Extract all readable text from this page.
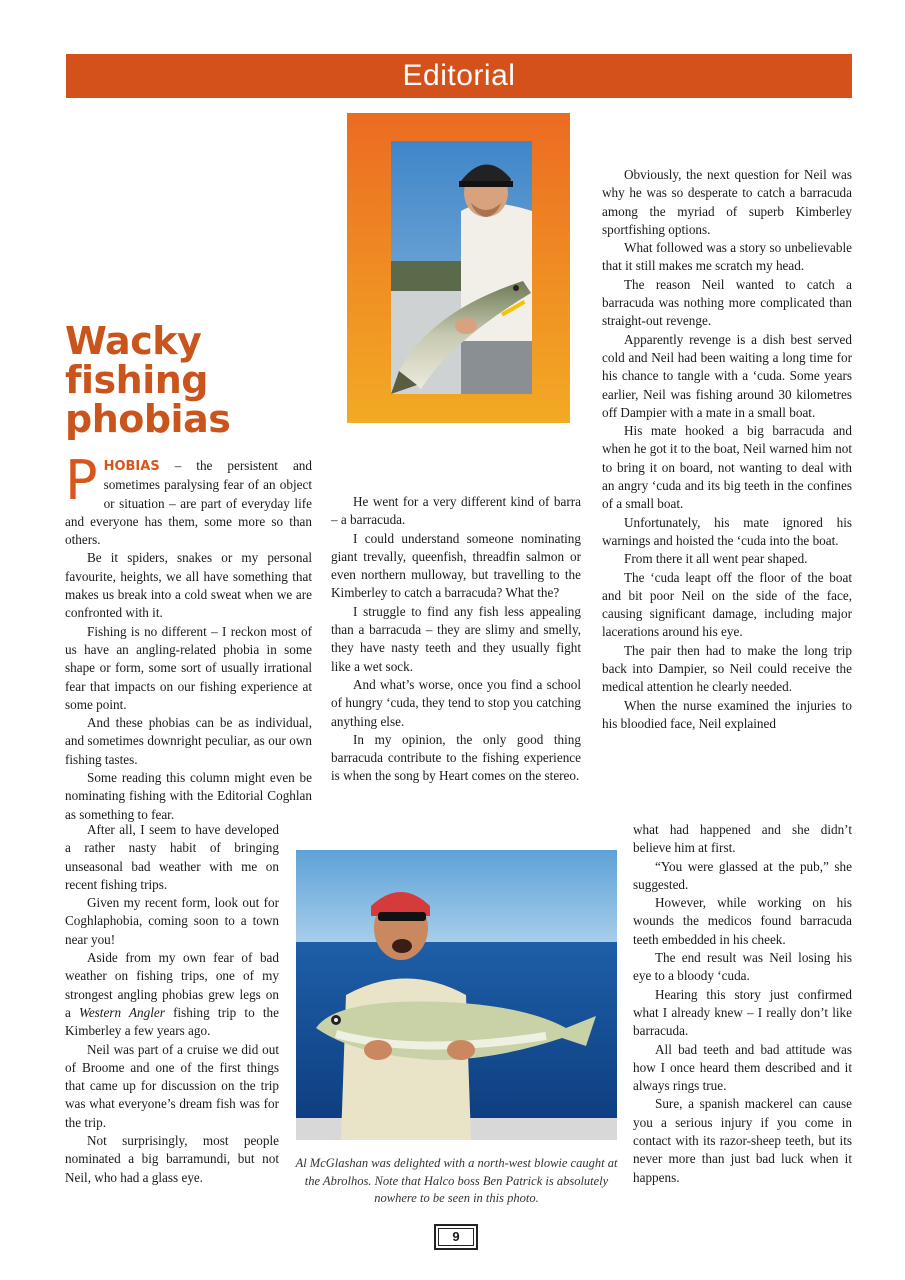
Editorial
Wacky
fishing
phobias

PHOBIAS – the persistent and sometimes paralysing fear of an object or situation – are part of everyday life and everyone has them, some more so than others.

Be it spiders, snakes or my personal favourite, heights, we all have something that makes us break into a cold sweat when we are confronted with it.

Fishing is no different – I reckon most of us have an angling-related phobia in some shape or form, some sort of usually irrational fear that impacts on our fishing experience at some point.

And these phobias can be as individual, and sometimes downright peculiar, as our own fishing tastes.

Some reading this column might even be nominating fishing with the Editorial Coghlan as something to fear.

After all, I seem to have developed a rather nasty habit of bringing unseasonal bad weather with me on recent fishing trips.

Given my recent form, look out for Coghlaphobia, coming soon to a town near you!

Aside from my own fear of bad weather on fishing trips, one of my strongest angling phobias grew legs on a Western Angler fishing trip to the Kimberley a few years ago.

Neil was part of a cruise we did out of Broome and one of the first things that came up for discussion on the trip was what everyone’s dream fish was for the trip.

Not surprisingly, most people nominated a big barramundi, but not Neil, who had a glass eye.

He went for a very different kind of barra – a barracuda.

I could understand someone nominating giant trevally, queenfish, threadfin salmon or even northern mulloway, but travelling to the Kimberley to catch a barracuda? What the?

I struggle to find any fish less appealing than a barracuda – they are slimy and smelly, they have nasty teeth and they usually fight like a wet sock.

And what’s worse, once you find a school of hungry ‘cuda, they tend to stop you catching anything else.

In my opinion, the only good thing barracuda contribute to the fishing experience is when the song by Heart comes on the stereo.

Obviously, the next question for Neil was why he was so desperate to catch a barracuda among the myriad of superb Kimberley sportfishing options.

What followed was a story so unbelievable that it still makes me scratch my head.

The reason Neil wanted to catch a barracuda was nothing more complicated than straight-out revenge.

Apparently revenge is a dish best served cold and Neil had been waiting a long time for his chance to tangle with a ‘cuda. Some years earlier, Neil was fishing around 30 kilometres off Dampier with a mate in a small boat.

His mate hooked a big barracuda and when he got it to the boat, Neil warned him not to bring it on board, not wanting to deal with an angry ‘cuda and its big teeth in the confines of a small boat.

Unfortunately, his mate ignored his warnings and hoisted the ‘cuda into the boat.

From there it all went pear shaped.

The ‘cuda leapt off the floor of the boat and bit poor Neil on the side of the face, causing significant damage, including major lacerations around his eye.

The pair then had to make the long trip back into Dampier, so Neil could receive the medical attention he clearly needed.

When the nurse examined the injuries to his bloodied face, Neil explained

what had happened and she didn’t believe him at first.

“You were glassed at the pub,” she suggested.

However, while working on his wounds the medicos found barracuda teeth embedded in his cheek.

The end result was Neil losing his eye to a bloody ‘cuda.

Hearing this story just confirmed what I already knew – I really don’t like barracuda.

All bad teeth and bad attitude was how I once heard them described and it always rings true.

Sure, a spanish mackerel can cause you a serious injury if you come in contact with its razor-sheep teeth, but its never more than just bad luck when it happens.

Al McGlashan was delighted with a north-west blowie caught at the Abrolhos. Note that Halco boss Ben Patrick is absolutely nowhere to be seen in this photo.
9
